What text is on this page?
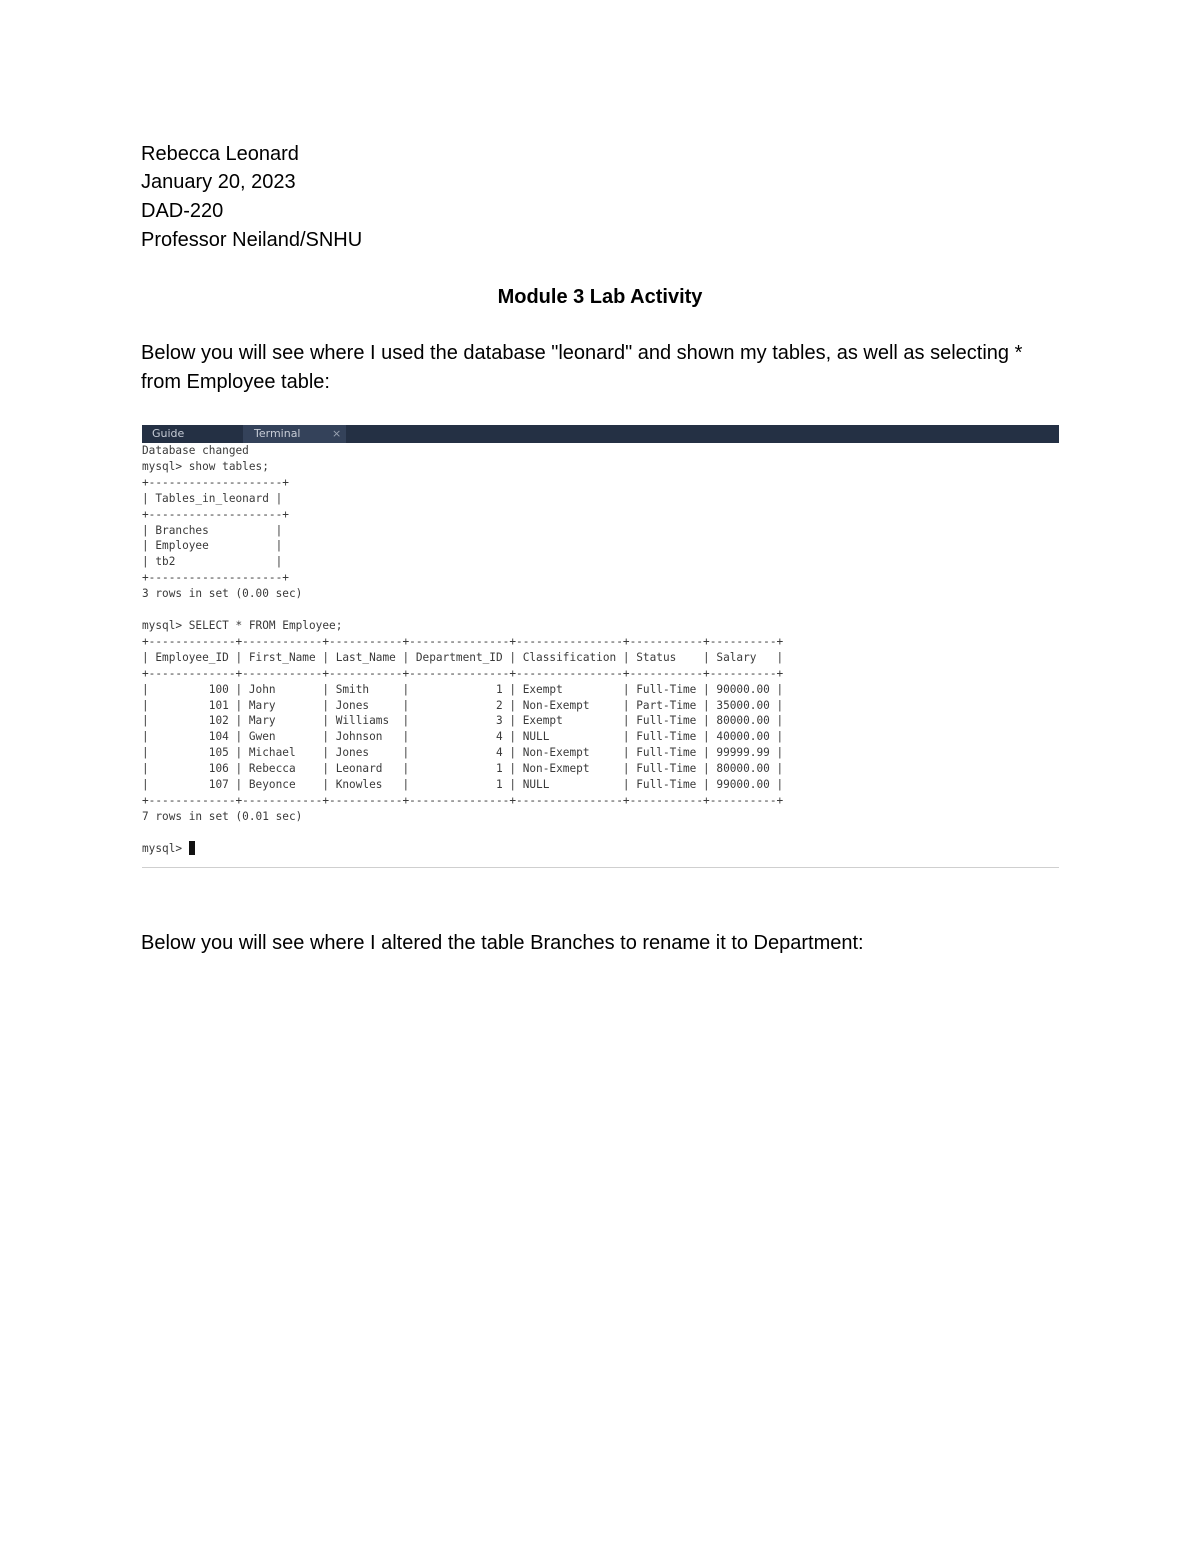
Rebecca Leonard
January 20, 2023
DAD-220
Professor Neiland/SNHU
Module 3 Lab Activity
Below you will see where I used the database "leonard" and shown my tables, as well as selecting * from Employee table:
Guide	Terminal	×
Database changed
mysql> show tables;
+--------------------+
| Tables_in_leonard |
+--------------------+
| Branches          |
| Employee          |
| tb2               |
+--------------------+
3 rows in set (0.00 sec)

mysql> SELECT * FROM Employee;
+-------------+------------+-----------+---------------+----------------+-----------+----------+
| Employee_ID | First_Name | Last_Name | Department_ID | Classification | Status    | Salary   |
+-------------+------------+-----------+---------------+----------------+-----------+----------+
|         100 | John       | Smith     |             1 | Exempt         | Full-Time | 90000.00 |
|         101 | Mary       | Jones     |             2 | Non-Exempt     | Part-Time | 35000.00 |
|         102 | Mary       | Williams  |             3 | Exempt         | Full-Time | 80000.00 |
|         104 | Gwen       | Johnson   |             4 | NULL           | Full-Time | 40000.00 |
|         105 | Michael    | Jones     |             4 | Non-Exempt     | Full-Time | 99999.99 |
|         106 | Rebecca    | Leonard   |             1 | Non-Exmept     | Full-Time | 80000.00 |
|         107 | Beyonce    | Knowles   |             1 | NULL           | Full-Time | 99000.00 |
+-------------+------------+-----------+---------------+----------------+-----------+----------+
7 rows in set (0.01 sec)

mysql>
Below you will see where I altered the table Branches to rename it to Department:
